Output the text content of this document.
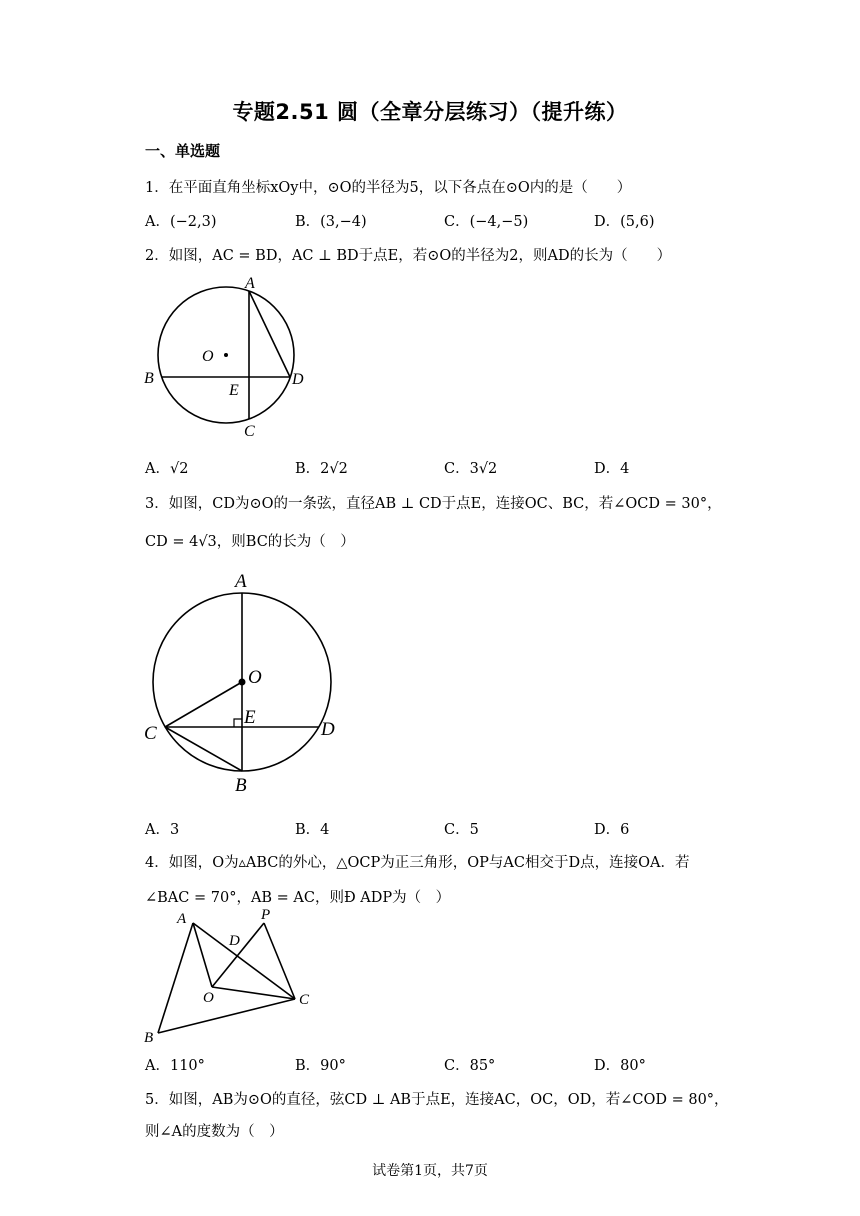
专题2.51 圆（全章分层练习）（提升练）
一、单选题
1．在平面直角坐标xOy中，⊙O的半径为5，以下各点在⊙O内的是（　　）
A．(−2,3)	B．(3,−4)	C．(−4,−5)	D．(5,6)
2．如图，AC = BD，AC ⊥ BD于点E，若⊙O的半径为2，则AD的长为（　　）
A
O
B
E
D
C
A．√2	B．2√2	C．3√2	D．4
3．如图，CD为⊙O的一条弦，直径AB ⊥ CD于点E，连接OC、BC，若∠OCD = 30°，
CD = 4√3，则BC的长为（　）
A
O
E
C	D
B
A．3	B．4	C．5	D．6
4．如图，O为▵ABC的外心，△OCP为正三角形，OP与AC相交于D点，连接OA．若
∠BAC = 70°，AB = AC，则Ð ADP为（　）
A	P
D
O	C
B
A．110°	B．90°	C．85°	D．80°
5．如图，AB为⊙O的直径，弦CD ⊥ AB于点E，连接AC，OC，OD，若∠COD = 80°，
则∠A的度数为（　）
试卷第1页，共7页
